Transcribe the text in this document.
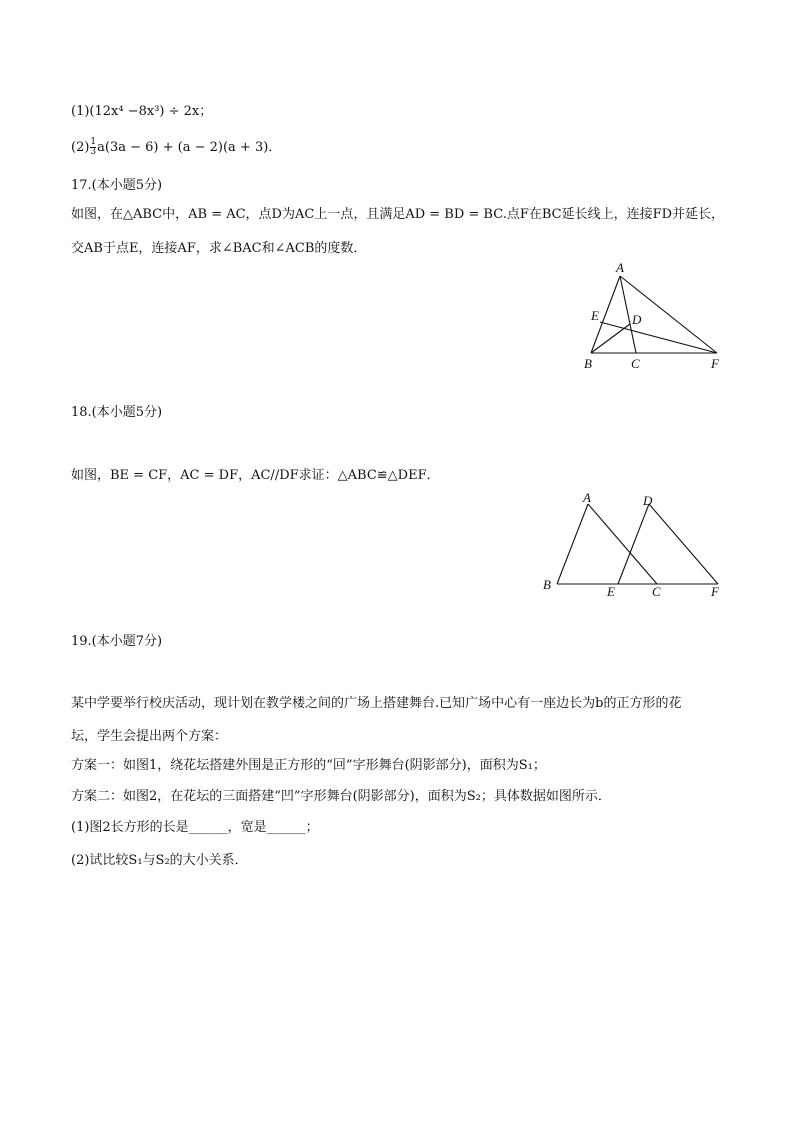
(1)(12x⁴ −8x³) ÷ 2x；
$(2) \frac{1}{3} a(3a - 6) + (a - 2)(a + 3)$．
17.(本小题5分)
如图，在△ABC中，AB = AC，点D为AC上一点，且满足AD = BD = BC.点F在BC延长线上，连接FD并延长，
交AB于点E，连接AF，求∠BAC和∠ACB的度数．
A
B	C
D
E
F
18.(本小题5分)
如图，BE = CF，AC = DF，AC//DF求证：△ABC≌△DEF．
A
B	C
D
E	F
19.(本小题7分)
某中学要举行校庆活动，现计划在教学楼之间的广场上搭建舞台.已知广场中心有一座边长为b的正方形的花
坛，学生会提出两个方案：
方案一：如图1，绕花坛搭建外围是正方形的“回”字形舞台(阴影部分)，面积为S₁；
方案二：如图2，在花坛的三面搭建“凹”字形舞台(阴影部分)，面积为S₂；具体数据如图所示．
(1)图2长方形的长是______，宽是______；
(2)试比较S₁与S₂的大小关系．
